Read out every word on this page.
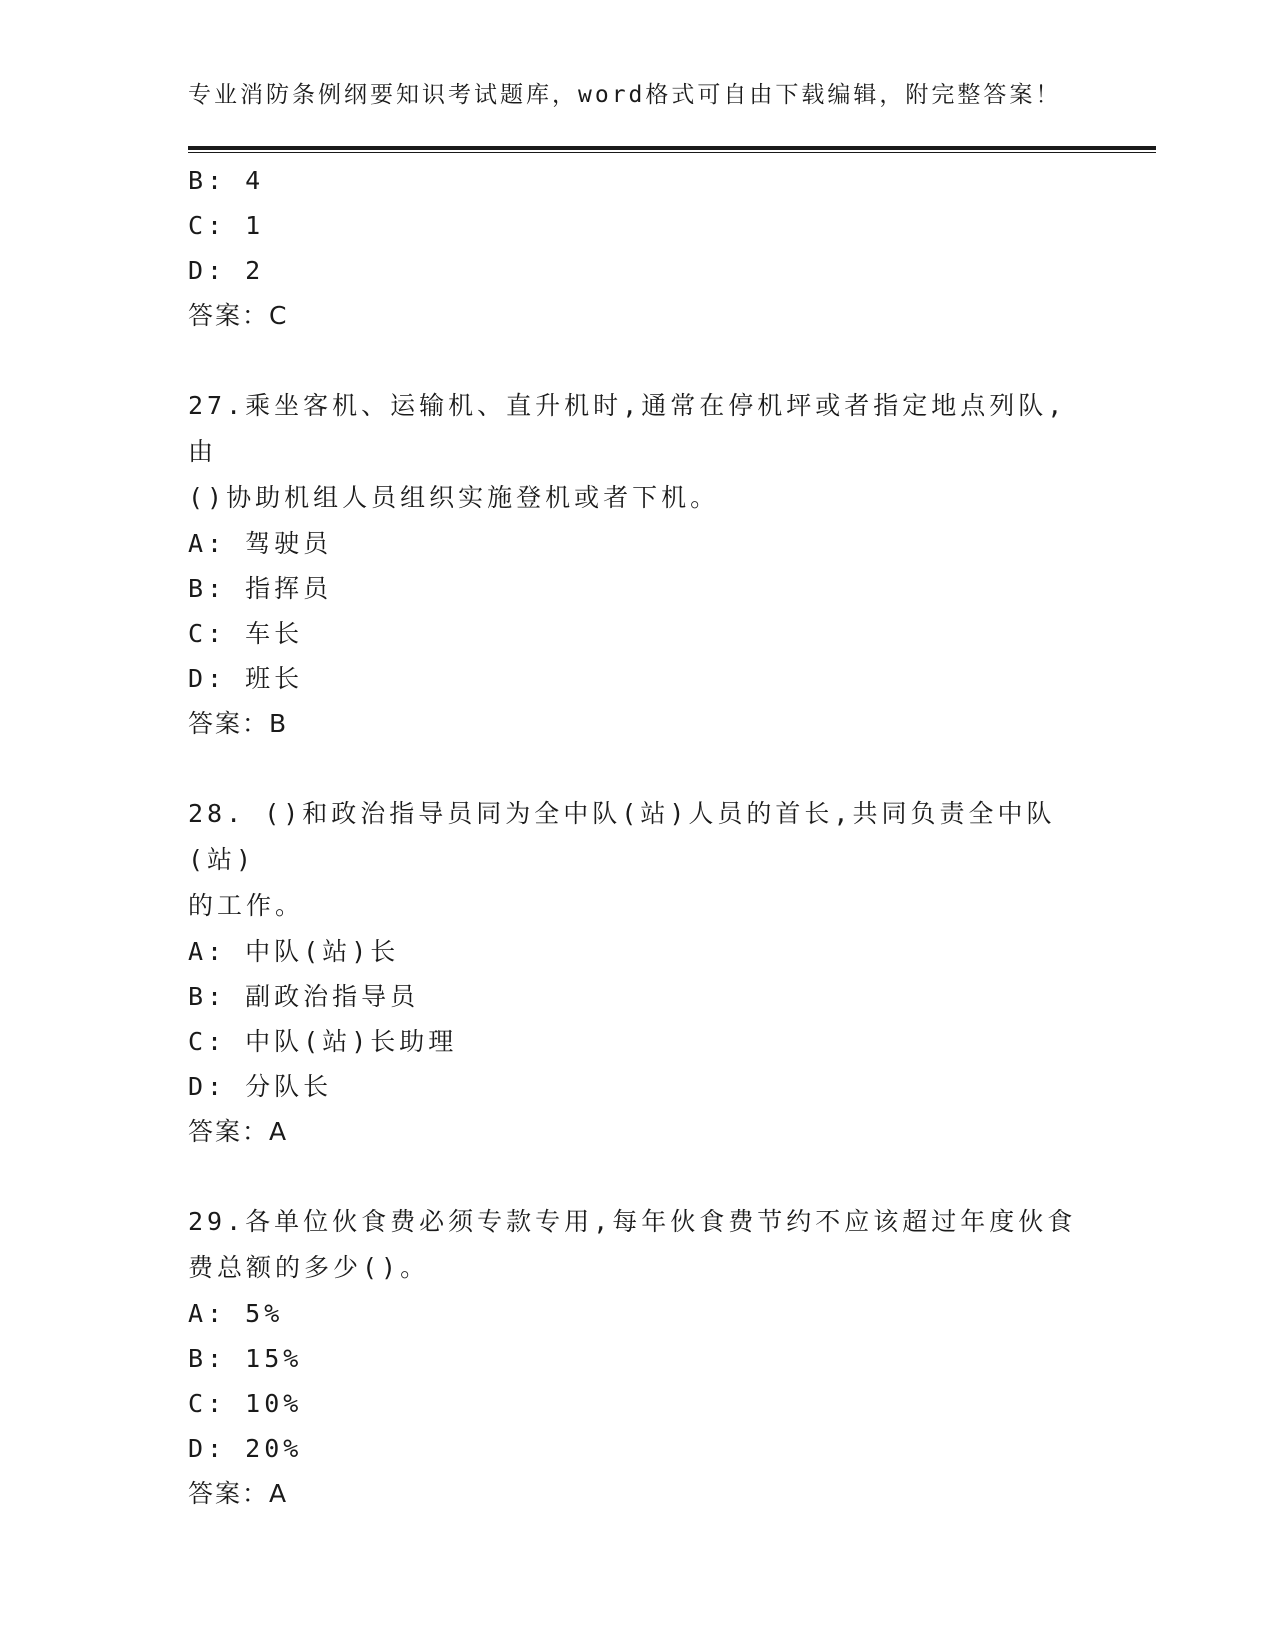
专业消防条例纲要知识考试题库，word格式可自由下载编辑，附完整答案！
B: 4
C: 1
D: 2
答案：C
27.乘坐客机、运输机、直升机时,通常在停机坪或者指定地点列队,由
()协助机组人员组织实施登机或者下机。
A: 驾驶员
B: 指挥员
C: 车长
D: 班长
答案：B
28. ()和政治指导员同为全中队(站)人员的首长,共同负责全中队(站)
的工作。
A: 中队(站)长
B: 副政治指导员
C: 中队(站)长助理
D: 分队长
答案：A
29.各单位伙食费必须专款专用,每年伙食费节约不应该超过年度伙食
费总额的多少()。
A: 5%
B: 15%
C: 10%
D: 20%
答案：A
